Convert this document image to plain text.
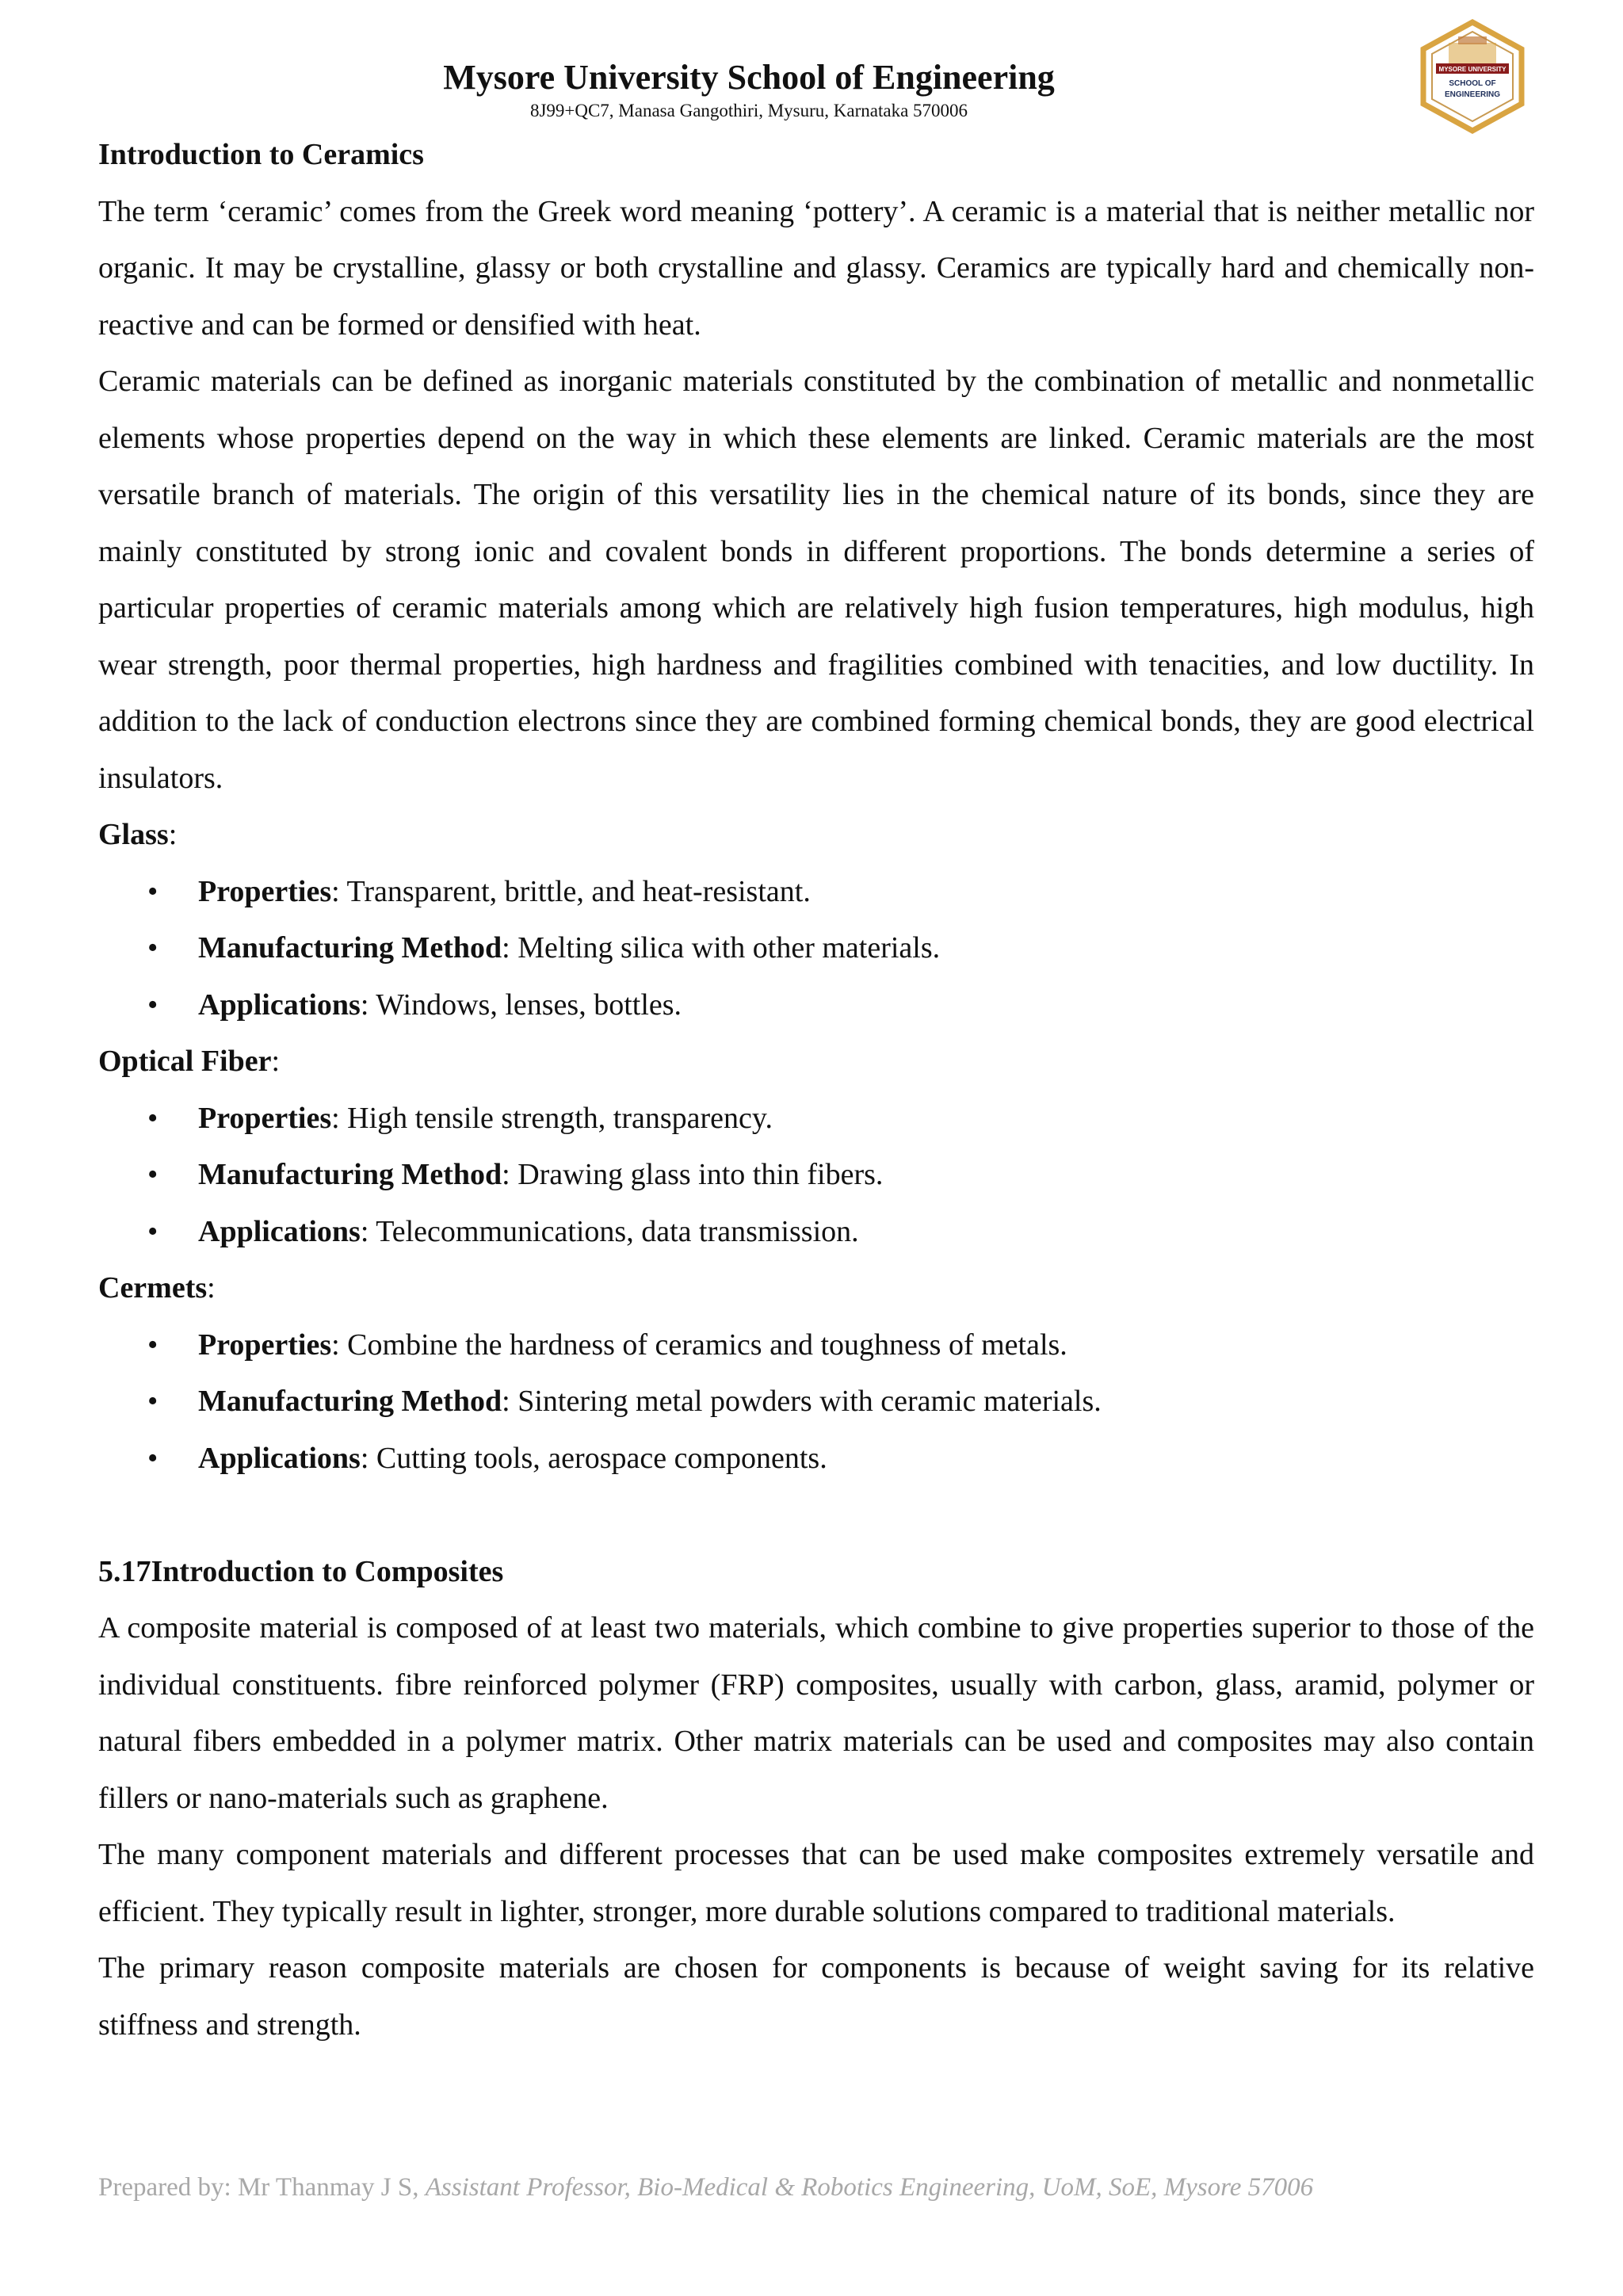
Mysore University School of Engineering
8J99+QC7, Manasa Gangothiri, Mysuru, Karnataka 570006
MYSORE UNIVERSITY
SCHOOL OF
ENGINEERING

Introduction to Ceramics

The term ‘ceramic’ comes from the Greek word meaning ‘pottery’. A ceramic is a material that is neither metallic nor organic. It may be crystalline, glassy or both crystalline and glassy. Ceramics are typically hard and chemically non-reactive and can be formed or densified with heat.

Ceramic materials can be defined as inorganic materials constituted by the combination of metallic and nonmetallic elements whose properties depend on the way in which these elements are linked. Ceramic materials are the most versatile branch of materials. The origin of this versatility lies in the chemical nature of its bonds, since they are mainly constituted by strong ionic and covalent bonds in different proportions. The bonds determine a series of particular properties of ceramic materials among which are relatively high fusion temperatures, high modulus, high wear strength, poor thermal properties, high hardness and fragilities combined with tenacities, and low ductility. In addition to the lack of conduction electrons since they are combined forming chemical bonds, they are good electrical insulators.

Glass:

• Properties: Transparent, brittle, and heat-resistant.
• Manufacturing Method: Melting silica with other materials.
• Applications: Windows, lenses, bottles.

Optical Fiber:

• Properties: High tensile strength, transparency.
• Manufacturing Method: Drawing glass into thin fibers.
• Applications: Telecommunications, data transmission.

Cermets:

• Properties: Combine the hardness of ceramics and toughness of metals.
• Manufacturing Method: Sintering metal powders with ceramic materials.
• Applications: Cutting tools, aerospace components.

5.17Introduction to Composites

A composite material is composed of at least two materials, which combine to give properties superior to those of the individual constituents. fibre reinforced polymer (FRP) composites, usually with carbon, glass, aramid, polymer or natural fibers embedded in a polymer matrix. Other matrix materials can be used and composites may also contain fillers or nano-materials such as graphene.

The many component materials and different processes that can be used make composites extremely versatile and efficient. They typically result in lighter, stronger, more durable solutions compared to traditional materials.

The primary reason composite materials are chosen for components is because of weight saving for its relative stiffness and strength.

Prepared by: Mr Thanmay J S, Assistant Professor, Bio-Medical & Robotics Engineering, UoM, SoE, Mysore 57006
